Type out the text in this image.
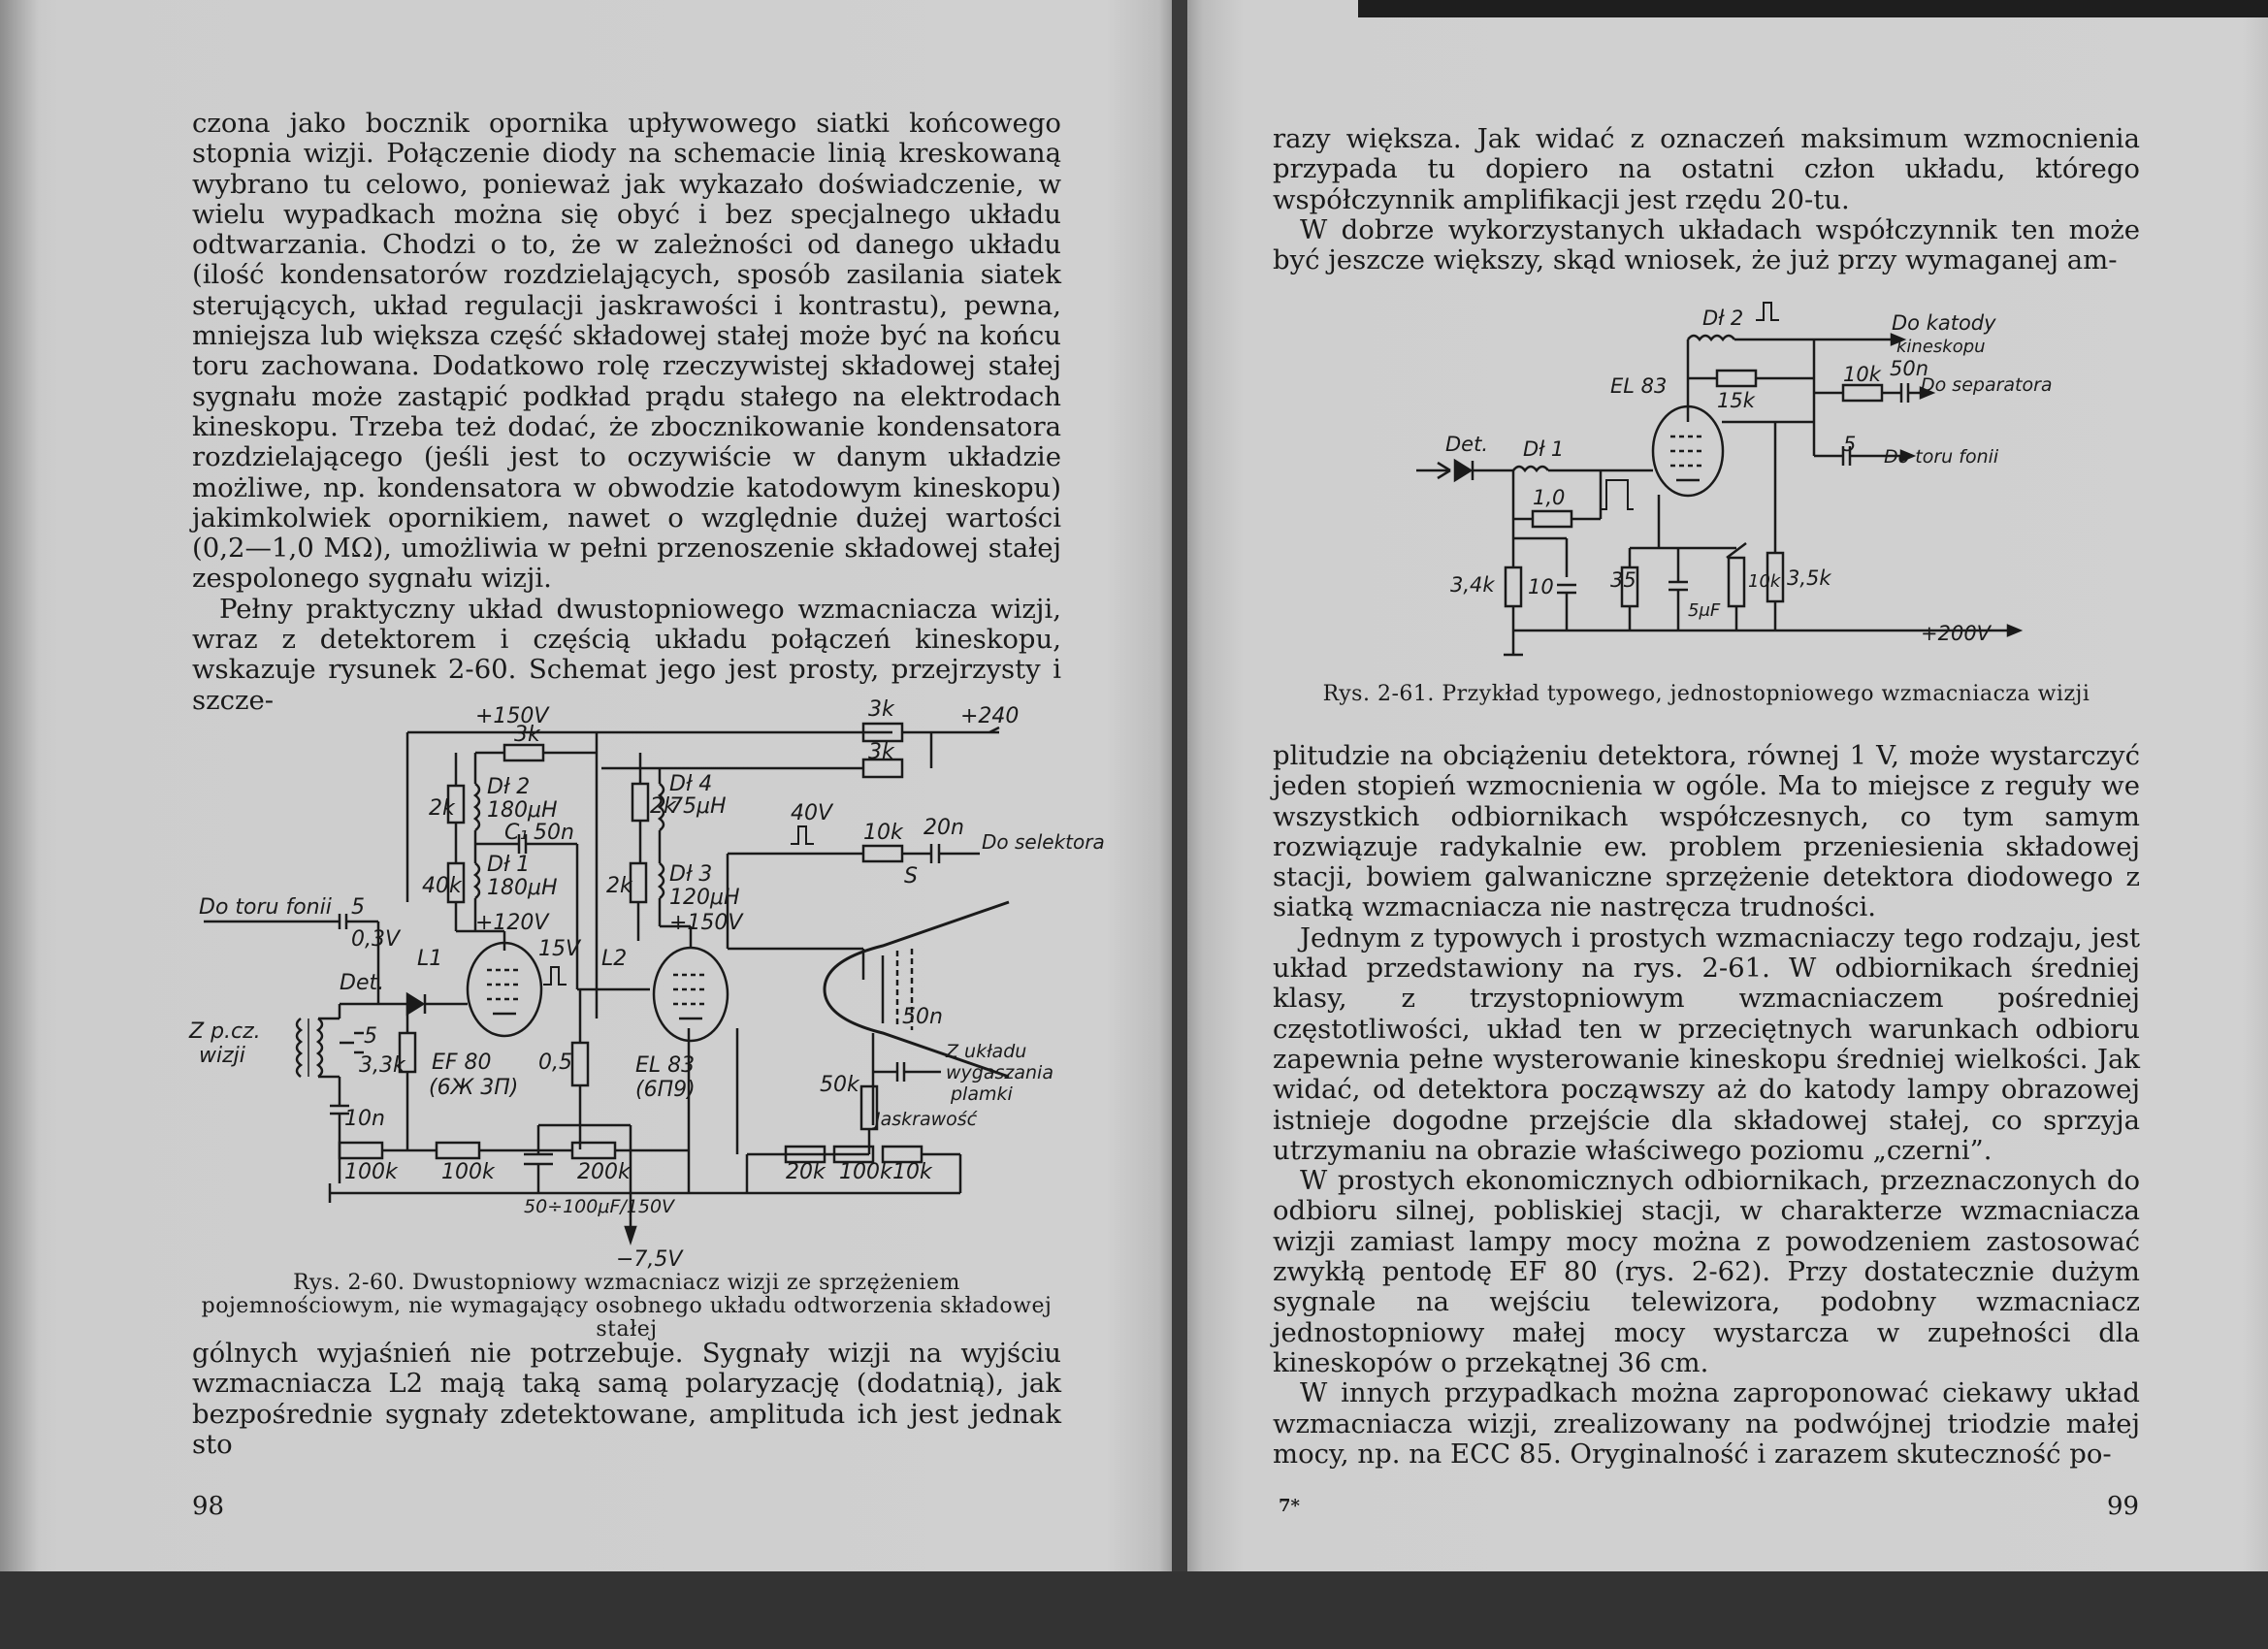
czona jako bocznik opornika upływowego siatki końcowego stopnia wizji. Połączenie diody na schemacie linią kreskowaną wybrano tu celowo, ponieważ jak wykazało doświadczenie, w wielu wypadkach można się obyć i bez specjalnego układu odtwarzania. Chodzi o to, że w zależności od danego układu (ilość kondensatorów rozdzielających, sposób zasilania siatek sterujących, układ regulacji jaskrawości i kontrastu), pewna, mniejsza lub większa część składowej stałej może być na końcu toru zachowana. Dodatkowo rolę rzeczywistej składowej stałej sygnału może zastąpić podkład prądu stałego na elektrodach kineskopu. Trzeba też dodać, że zbocznikowanie kondensatora rozdzielającego (jeśli jest to oczywiście w danym układzie możliwe, np. kondensatora w obwodzie katodowym kineskopu) jakimkolwiek opornikiem, nawet o względnie dużej wartości (0,2—1,0 MΩ), umożliwia w pełni przenoszenie składowej stałej zespolonego sygnału wizji.

Pełny praktyczny układ dwustopniowego wzmacniacza wizji, wraz z detektorem i częścią układu połączeń kineskopu, wskazuje rysunek 2-60. Schemat jego jest prosty, przejrzysty i szcze-

+150V	3k	+240
3k
3k
Dł 2
180μH
2k
C₁ 50n
Dł 1
180μH
40k
+120V
Dł 4
75μH
2k
2k Dł 3
120μH
+150V
40V
10k 20n
Do selektora
S
Do toru fonii 5
0,3V
L1	L2
15V
Det.
Z p.cz.
wizji
5
3,3k EF 80
(6Ж 3П)
0,5	EL 83
(6П9)
50n
Z układu
wygaszania
plamki
50k
Jaskrawość
10n
100k 100k	200k	20k 100k 10k
50÷100μF/150V
−7,5V
Rys. 2-60. Dwustopniowy wzmacniacz wizji ze sprzężeniem pojemnościowym, nie wymagający osobnego układu odtworzenia składowej stałej

gólnych wyjaśnień nie potrzebuje. Sygnały wizji na wyjściu wzmacniacza L2 mają taką samą polaryzację (dodatnią), jak bezpośrednie sygnały zdetektowane, amplituda ich jest jednak sto

98

razy większa. Jak widać z oznaczeń maksimum wzmocnienia przypada tu dopiero na ostatni człon układu, którego współczynnik amplifikacji jest rzędu 20-tu.

W dobrze wykorzystanych układach współczynnik ten może być jeszcze większy, skąd wniosek, że już przy wymaganej am-

Dł 2	Do katody
kineskopu
EL 83
15k
10k 50n
Do separatora
Det. Dł 1
1,0
5
Do toru fonii
3,4k 10	35
5μF
10k 3,5k
+200V
Rys. 2-61. Przykład typowego, jednostopniowego wzmacniacza wizji

plitudzie na obciążeniu detektora, równej 1 V, może wystarczyć jeden stopień wzmocnienia w ogóle. Ma to miejsce z reguły we wszystkich odbiornikach współczesnych, co tym samym rozwiązuje radykalnie ew. problem przeniesienia składowej stacji, bowiem galwaniczne sprzężenie detektora diodowego z siatką wzmacniacza nie nastręcza trudności.

Jednym z typowych i prostych wzmacniaczy tego rodzaju, jest układ przedstawiony na rys. 2-61. W odbiornikach średniej klasy, z trzystopniowym wzmacniaczem pośredniej częstotliwości, układ ten w przeciętnych warunkach odbioru zapewnia pełne wysterowanie kineskopu średniej wielkości. Jak widać, od detektora począwszy aż do katody lampy obrazowej istnieje dogodne przejście dla składowej stałej, co sprzyja utrzymaniu na obrazie właściwego poziomu „czerni”.

W prostych ekonomicznych odbiornikach, przeznaczonych do odbioru silnej, pobliskiej stacji, w charakterze wzmacniacza wizji zamiast lampy mocy można z powodzeniem zastosować zwykłą pentodę EF 80 (rys. 2-62). Przy dostatecznie dużym sygnale na wejściu telewizora, podobny wzmacniacz jednostopniowy małej mocy wystarcza w zupełności dla kineskopów o przekątnej 36 cm.

W innych przypadkach można zaproponować ciekawy układ wzmacniacza wizji, zrealizowany na podwójnej triodzie małej mocy, np. na ECC 85. Oryginalność i zarazem skuteczność po-

7*	99
